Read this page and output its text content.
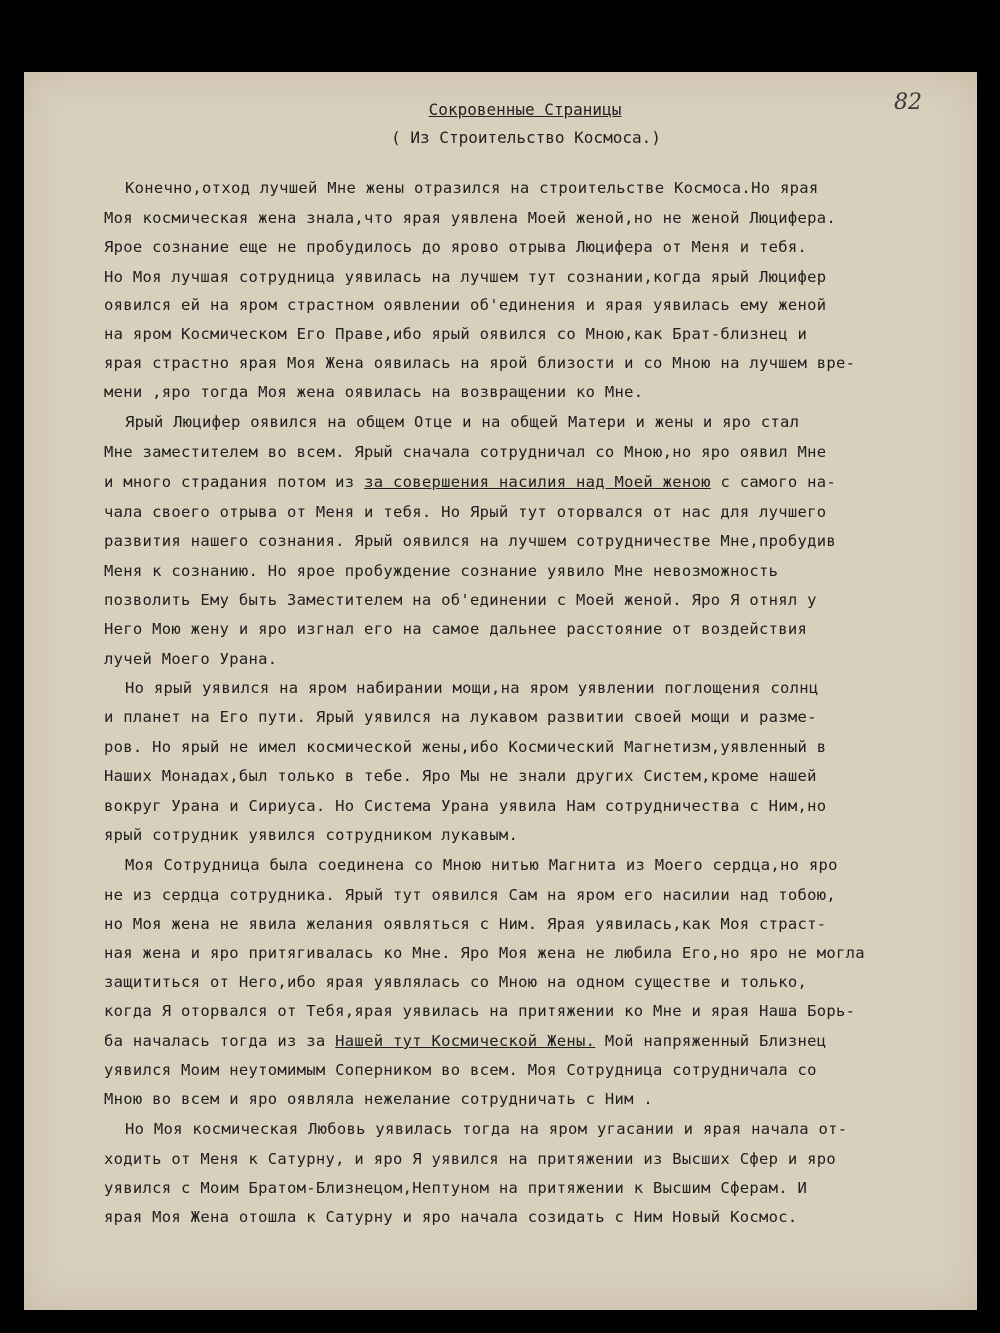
82
Сокровенные Страницы
( Из Строительство Космоса.)
Конечно,отход лучшей Мне жены отразился на строительстве Космоса.Но ярая
Моя космическая жена знала,что ярая уявлена Моей женой,но не женой Люцифера.
Ярое сознание еще не пробудилось до ярово отрыва Люцифера от Меня и тебя.
Но Моя лучшая сотрудница уявилась на лучшем тут сознании,когда ярый Люцифер
оявился ей на яром страстном оявлении об'единения и ярая уявилась ему женой
на яром Космическом Его Праве,ибо ярый оявился со Мною,как Брат-близнец и
ярая страстно ярая Моя Жена оявилась на ярой близости и со Мною на лучшем вре-
мени ,яро тогда Моя жена оявилась на возвращении ко Мне.
Ярый Люцифер оявился на общем Отце и на общей Матери и жены и яро стал
Мне заместителем во всем. Ярый сначала сотрудничал со Мною,но яро оявил Мне
и много страдания потом из за совершения насилия над Моей женою с самого на-
чала своего отрыва от Меня и тебя. Но Ярый тут оторвался от нас для лучшего
развития нашего сознания. Ярый оявился на лучшем сотрудничестве Мне,пробудив
Меня к сознанию. Но ярое пробуждение сознание уявило Мне невозможность
позволить Ему быть Заместителем на об'единении с Моей женой. Яро Я отнял у
Него Мою жену и яро изгнал его на самое дальнее расстояние от воздействия
лучей Моего Урана.
Но ярый уявился на яром набирании мощи,на яром уявлении поглощения солнц
и планет на Его пути. Ярый уявился на лукавом развитии своей мощи и разме-
ров. Но ярый не имел космической жены,ибо Космический Магнетизм,уявленный в
Наших Монадах,был только в тебе. Яро Мы не знали других Систем,кроме нашей
вокруг Урана и Сириуса. Но Система Урана уявила Нам сотрудничества с Ним,но
ярый сотрудник уявился сотрудником лукавым.
Моя Сотрудница была соединена со Мною нитью Магнита из Моего сердца,но яро
не из сердца сотрудника. Ярый тут оявился Сам на яром его насилии над тобою,
но Моя жена не явила желания оявляться с Ним. Ярая уявилась,как Моя страст-
ная жена и яро притягивалась ко Мне. Яро Моя жена не любила Его,но яро не могла
защититься от Него,ибо ярая уявлялась со Мною на одном существе и только,
когда Я оторвался от Тебя,ярая уявилась на притяжении ко Мне и ярая Наша Борь-
ба началась тогда из за Нашей тут Космической Жены. Мой напряженный Близнец
уявился Моим неутомимым Соперником во всем. Моя Сотрудница сотрудничала со
Мною во всем и яро оявляла нежелание сотрудничать с Ним .
Но Моя космическая Любовь уявилась тогда на яром угасании и ярая начала от-
ходить от Меня к Сатурну, и яро Я уявился на притяжении из Высших Сфер и яро
уявился с Моим Братом-Близнецом,Нептуном на притяжении к Высшим Сферам. И
ярая Моя Жена отошла к Сатурну и яро начала созидать с Ним Новый Космос.
